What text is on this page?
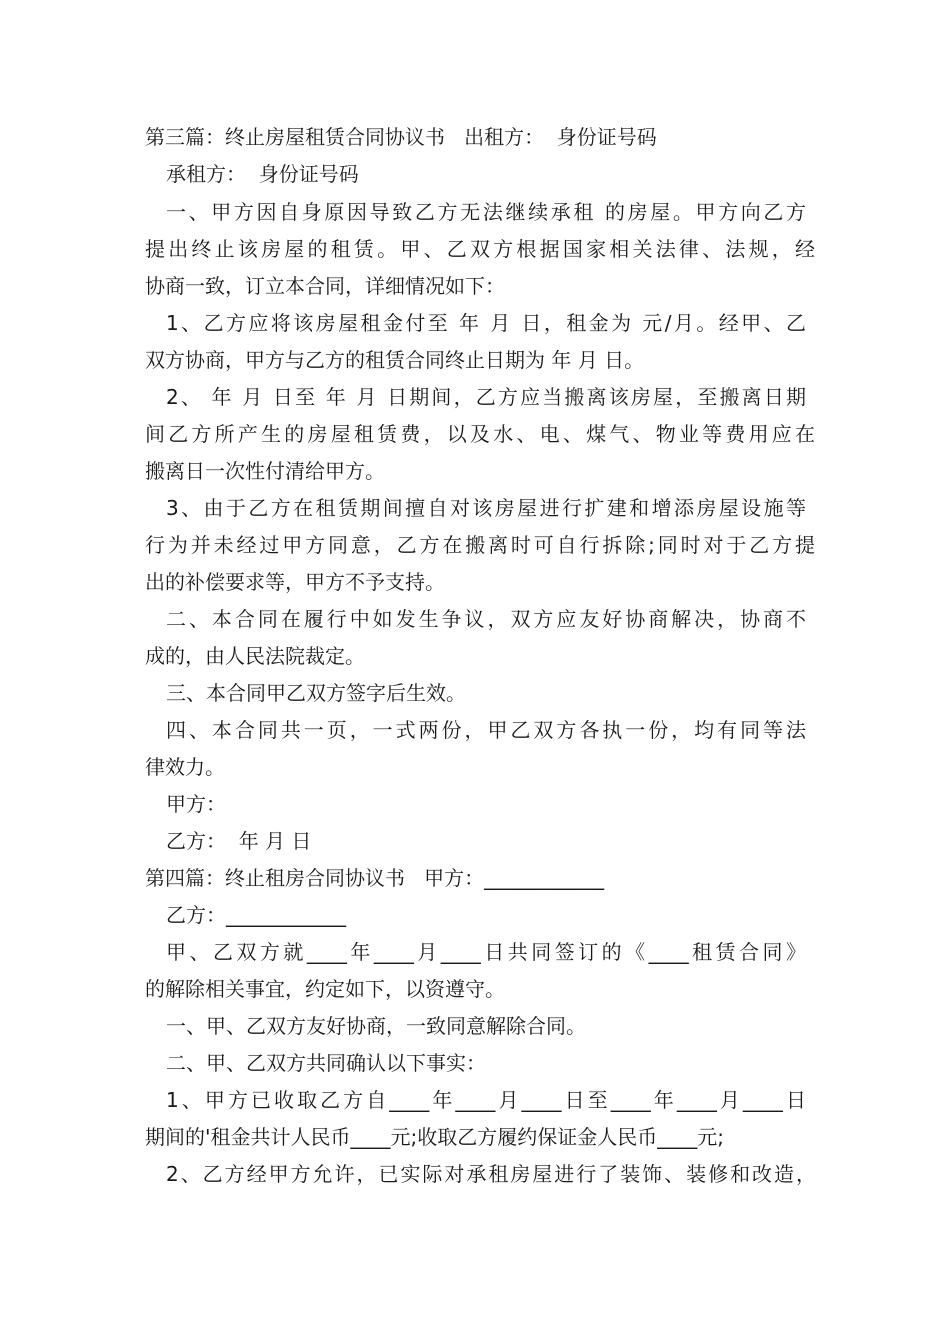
第三篇：终止房屋租赁合同协议书   出租方：  身份证号码
承租方：  身份证号码
一、甲方因自身原因导致乙方无法继续承租 的房屋。甲方向乙方
提出终止该房屋的租赁。甲、乙双方根据国家相关法律、法规，经
协商一致，订立本合同，详细情况如下：
1、乙方应将该房屋租金付至 年 月 日，租金为 元/月。经甲、乙
双方协商，甲方与乙方的租赁合同终止日期为 年 月 日。
2、 年 月 日至 年 月 日期间，乙方应当搬离该房屋，至搬离日期
间乙方所产生的房屋租赁费，以及水、电、煤气、物业等费用应在
搬离日一次性付清给甲方。
3、由于乙方在租赁期间擅自对该房屋进行扩建和增添房屋设施等
行为并未经过甲方同意，乙方在搬离时可自行拆除;同时对于乙方提
出的补偿要求等，甲方不予支持。
二、本合同在履行中如发生争议，双方应友好协商解决，协商不
成的，由人民法院裁定。
三、本合同甲乙双方签字后生效。
四、本合同共一页，一式两份，甲乙双方各执一份，均有同等法
律效力。
甲方：
乙方：  年 月 日
第四篇：终止租房合同协议书   甲方：____________
乙方：____________
甲、乙双方就____年____月____日共同签订的《____租赁合同》
的解除相关事宜，约定如下，以资遵守。
一、甲、乙双方友好协商，一致同意解除合同。
二、甲、乙双方共同确认以下事实：
1、甲方已收取乙方自____年____月____日至____年____月____日
期间的'租金共计人民币____元;收取乙方履约保证金人民币____元;
2、乙方经甲方允许，已实际对承租房屋进行了装饰、装修和改造，
